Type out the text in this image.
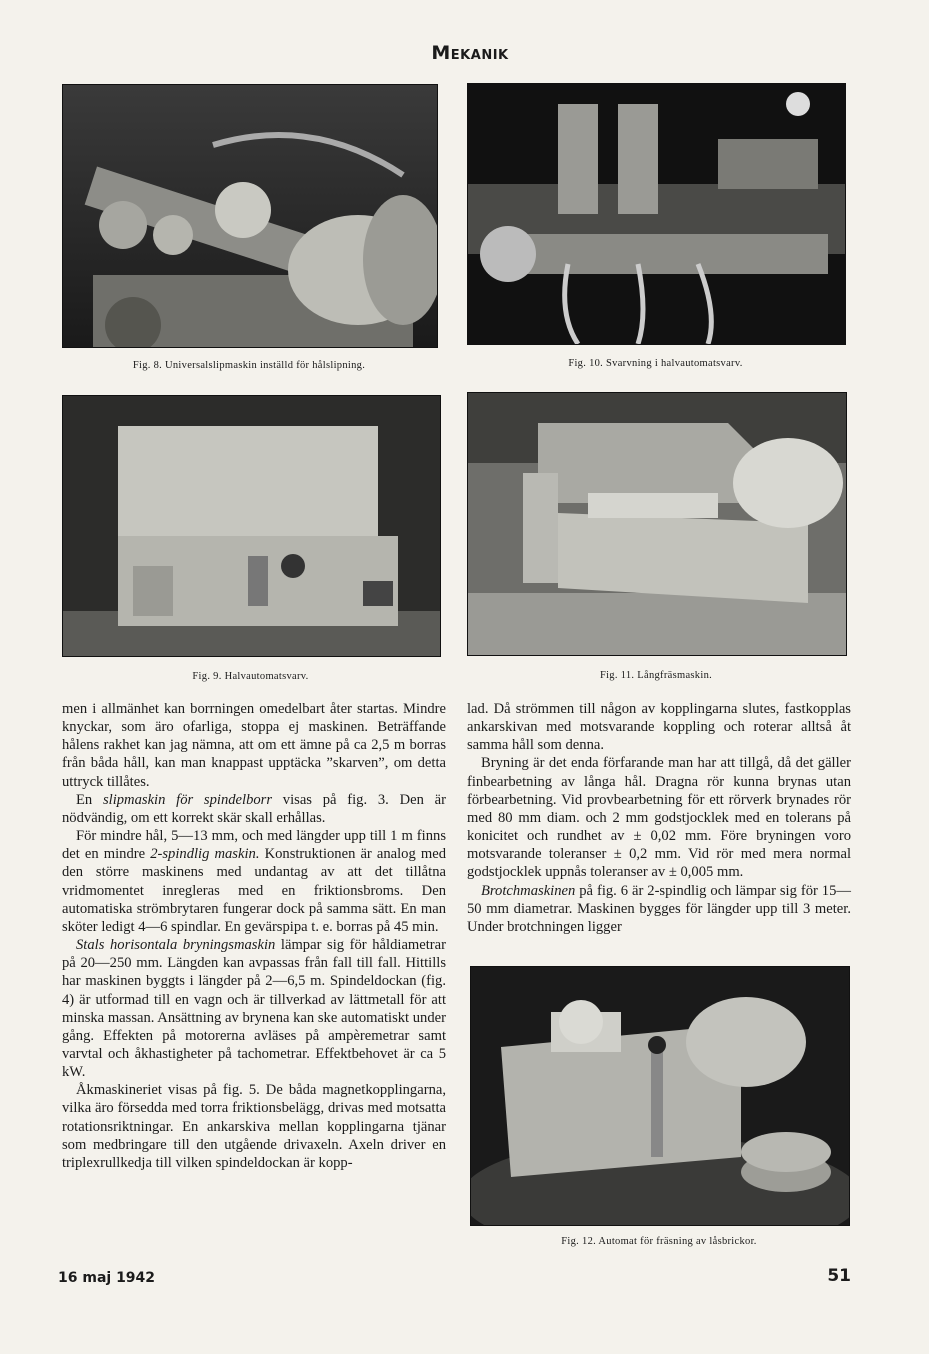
Mekanik
Fig. 8. Universalslipmaskin inställd för hålslipning.	Fig. 10. Svarvning i halvautomatsvarv.
Fig. 9. Halvautomatsvarv.	Fig. 11. Långfräsmaskin.

men i allmänhet kan borrningen omedelbart åter startas. Mindre knyckar, som äro ofarliga, stoppa ej maskinen. Beträffande hålens rakhet kan jag nämna, att om ett ämne på ca 2,5 m borras från båda håll, kan man knappast upptäcka ”skarven”, om detta uttryck tillåtes.

En slipmaskin för spindelborr visas på fig. 3. Den är nödvändig, om ett korrekt skär skall erhållas.

För mindre hål, 5—13 mm, och med längder upp till 1 m finns det en mindre 2-spindlig maskin. Konstruktionen är analog med den större maskinens med undantag av att det tillåtna vridmomentet inregleras med en friktionsbroms. Den automatiska strömbrytaren fungerar dock på samma sätt. En man sköter ledigt 4—6 spindlar. En gevärspipa t. e. borras på 45 min.

Stals horisontala bryningsmaskin lämpar sig för håldiametrar på 20—250 mm. Längden kan avpassas från fall till fall. Hittills har maskinen byggts i längder på 2—6,5 m. Spindeldockan (fig. 4) är utformad till en vagn och är tillverkad av lättmetall för att minska massan. Ansättning av brynena kan ske automatiskt under gång. Effekten på motorerna avläses på ampèremetrar samt varvtal och åkhastigheter på tachometrar. Effektbehovet är ca 5 kW.

Åkmaskineriet visas på fig. 5. De båda magnetkopplingarna, vilka äro försedda med torra friktionsbelägg, drivas med motsatta rotationsriktningar. En ankarskiva mellan kopplingarna tjänar som medbringare till den utgående drivaxeln. Axeln driver en triplexrullkedja till vilken spindeldockan är kopp-

lad. Då strömmen till någon av kopplingarna slutes, fastkopplas ankarskivan med motsvarande koppling och roterar alltså åt samma håll som denna.

Bryning är det enda förfarande man har att tillgå, då det gäller finbearbetning av långa hål. Dragna rör kunna brynas utan förbearbetning. Vid provbearbetning för ett rörverk brynades rör med 80 mm diam. och 2 mm godstjocklek med en tolerans på konicitet och rundhet av ± 0,02 mm. Före bryningen voro motsvarande toleranser ± 0,2 mm. Vid rör med mera normal godstjocklek uppnås toleranser av ± 0,005 mm.

Brotchmaskinen på fig. 6 är 2-spindlig och lämpar sig för 15—50 mm diametrar. Maskinen bygges för längder upp till 3 meter. Under brotchningen ligger

Fig. 12. Automat för fräsning av låsbrickor.
16 maj 1942	51
